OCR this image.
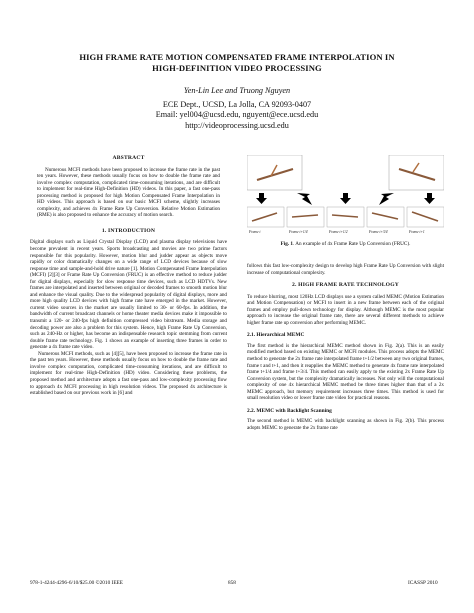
HIGH FRAME RATE MOTION COMPENSATED FRAME INTERPOLATION IN
HIGH-DEFINITION VIDEO PROCESSING
Yen-Lin Lee and Truong Nguyen
ECE Dept., UCSD, La Jolla, CA 92093-0407
Email: yel004@ucsd.edu, nguyent@ece.ucsd.edu
http://videoprocessing.ucsd.edu
ABSTRACT

Numerous MCFI methods have been proposed to increase the frame rate in the past ten years. However, these methods usually focus on how to double the frame rate and involve complex computation, complicated time-consuming iterations, and are difficult to implement for real-time High-Definition (HD) videos. In this paper, a fast one-pass processing method is proposed for high Motion Compensated Frame Interpolation in HD videos. This approach is based on our basic MCFI scheme, slightly increases complexity, and achieves 4x Frame Rate Up Conversion. Relative Motion Estimation (RME) is also proposed to enhance the accuracy of motion search.

1. INTRODUCTION

Digital displays such as Liquid Crystal Display (LCD) and plasma display televisions have become prevalent in recent years. Sports broadcasting and movies are two prime factors responsible for this popularity. However, motion blur and judder appear as objects move rapidly or color dramatically changes on a wide range of LCD devices because of slow response time and sample-and-hold drive nature [1]. Motion Compensated Frame Interpolation (MCFI) [2][3] or Frame Rate Up Conversion (FRUC) is an effective method to reduce judder for digital displays, especially for slow response time devices, such as LCD HDTVs. New frames are interpolated and inserted between original or decoded frames to smooth motion blur and enhance the visual quality. Due to the widespread popularity of digital displays, more and more high quality LCD devices with high frame rate have emerged in the market. However, current video sources in the market are usually limited to 30- or 60-fps. In addition, the bandwidth of current broadcast channels or home theater media devices make it impossible to transmit a 120- or 240-fps high definition compressed video bitstream. Media storage and decoding power are also a problem for this system. Hence, high Frame Rate Up Conversion, such as 240-Hz or higher, has become an indispensable research topic stemming from current double frame rate technology. Fig. 1 shows an example of inserting three frames in order to generate a 4x frame rate video.

Numerous MCFI methods, such as [4][5], have been proposed to increase the frame rate in the past ten years. However, these methods usually focus on how to double the frame rate and involve complex computation, complicated time-consuming iterations, and are difficult to implement for real-time High-Definition (HD) video. Considering these problems, the proposed method and architecture adopts a fast one-pass and low-complexity processing flow to approach 4x MCFI processing in high resolution videos. The proposed 4x architecture is established based on our previous work in [6] and

Frame t	Frame t+1/4	Frame t+1/2	Frame t+3/4	Frame t+1
Fig. 1. An example of 4x Frame Rate Up Conversion (FRUC).

follows this fast low-complexity design to develop high Frame Rate Up Conversion with slight increase of computational complexity.

2. HIGH FRAME RATE TECHNOLOGY

To reduce blurring, most 120Hz LCD displays use a system called MEMC (Motion Estimation and Motion Compensation) or MCFI to insert in a new frame between each of the original frames and employ pull-down technology for display. Although MEMC is the most popular approach to increase the original frame rate, there are several different methods to achieve higher frame rate up conversion after performing MEMC.

2.1. Hierarchical MEMC

The first method is the hierarchical MEMC method shown in Fig. 2(a). This is an easily modified method based on existing MEMC or MCFI modules. This process adopts the MEMC method to generate the 2x frame rate interpolated frame t+1/2 between any two original frames, frame t and t+1, and then it reapplies the MEMC method to generate 4x frame rate interpolated frame t+1/4 and frame t+3/4. This method can easily apply to the existing 2x Frame Rate Up Conversion system, but the complexity dramatically increases. Not only will the computational complexity of one 4x hierarchical MEMC method be three times higher than that of a 2x MEMC approach, but memory requirement increases three times. This method is used for small resolution video or lower frame rate video for practical reasons.

2.2. MEMC with Backlight Scanning

The second method is MEMC with backlight scanning as shown in Fig. 2(b). This process adopts MEMC to generate the 2x frame rate

978-1-4244-4296-6/10/$25.00 ©2010 IEEE	858	ICASSP 2010
